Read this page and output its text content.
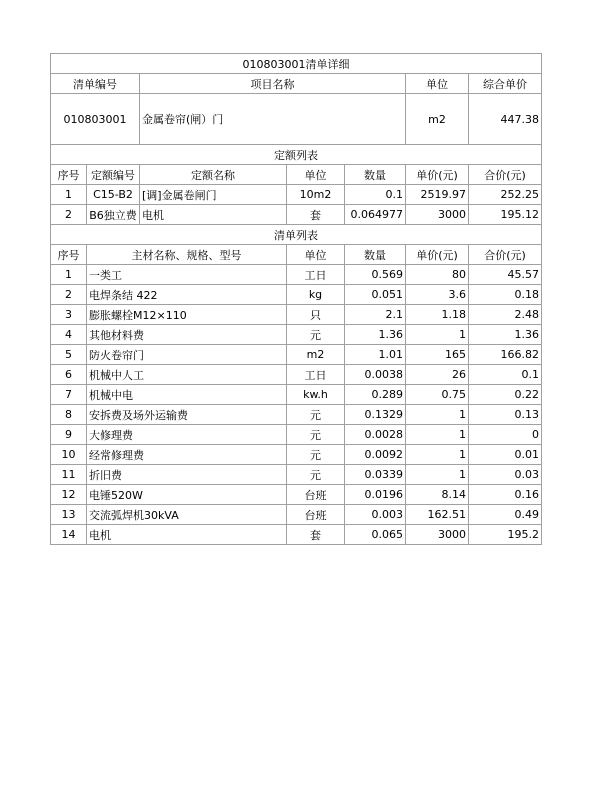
010803001清单详细						
清单编号		项目名称			单位	综合单价
010803001		金属卷帘(闸）门			m2	447.38
定额列表						
序号	定额编号	定额名称	单位	数量	单价(元)	合价(元)
1	C15-B2	[调]金属卷闸门	10m2	0.1	2519.97	252.25
2	B6独立费	电机	套	0.064977	3000	195.12
清单列表						
序号	主材名称、规格、型号		单位	数量	单价(元)	合价(元)
1	一类工		工日	0.569	80	45.57
2	电焊条结 422		kg	0.051	3.6	0.18
3	膨胀螺栓M12×110		只	2.1	1.18	2.48
4	其他材料费		元	1.36	1	1.36
5	防火卷帘门		m2	1.01	165	166.82
6	机械中人工		工日	0.0038	26	0.1
7	机械中电		kw.h	0.289	0.75	0.22
8	安拆费及场外运输费		元	0.1329	1	0.13
9	大修理费		元	0.0028	1	0
10	经常修理费		元	0.0092	1	0.01
11	折旧费		元	0.0339	1	0.03
12	电锤520W		台班	0.0196	8.14	0.16
13	交流弧焊机30kVA		台班	0.003	162.51	0.49
14	电机		套	0.065	3000	195.2
